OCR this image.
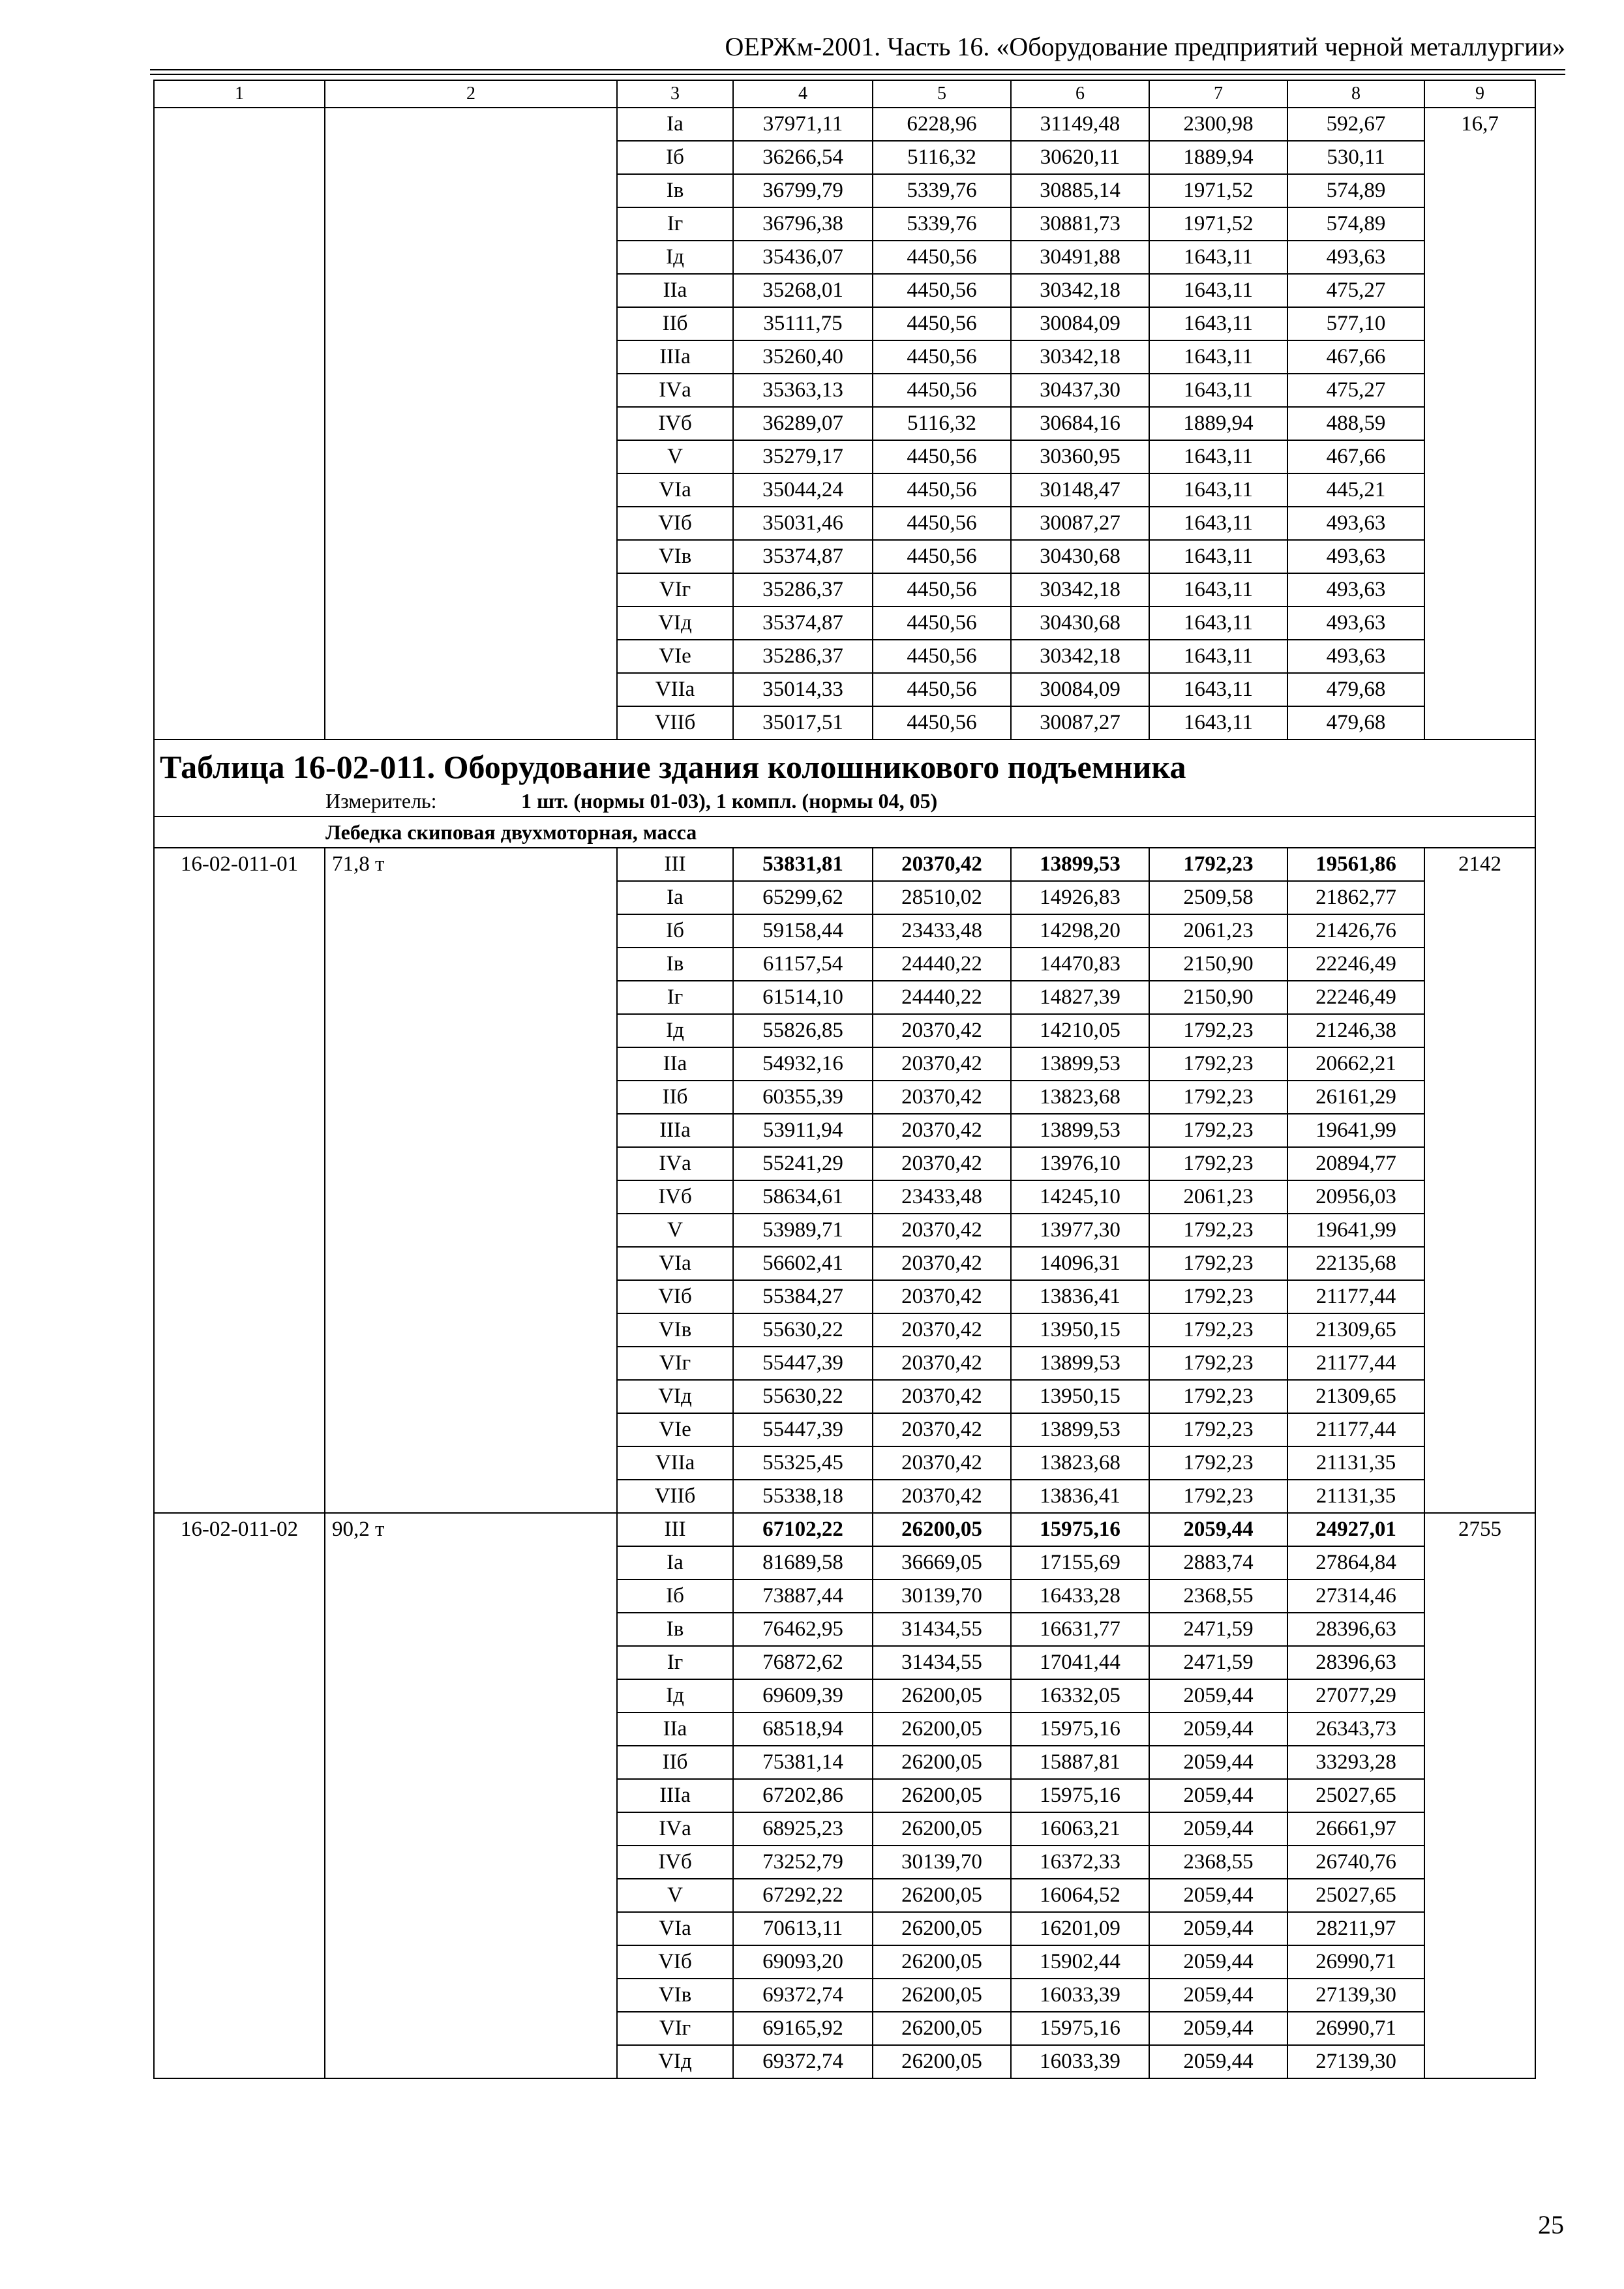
ОЕРЖм-2001. Часть 16. «Оборудование предприятий черной металлургии»
1	2	3	4	5	6	7	8	9
		Iа	37971,11	6228,96	31149,48	2300,98	592,67	16,7
		Iб	36266,54	5116,32	30620,11	1889,94	530,11	
		Iв	36799,79	5339,76	30885,14	1971,52	574,89	
		Iг	36796,38	5339,76	30881,73	1971,52	574,89	
		Iд	35436,07	4450,56	30491,88	1643,11	493,63	
		IIа	35268,01	4450,56	30342,18	1643,11	475,27	
		IIб	35111,75	4450,56	30084,09	1643,11	577,10	
		IIIа	35260,40	4450,56	30342,18	1643,11	467,66	
		IVа	35363,13	4450,56	30437,30	1643,11	475,27	
		IVб	36289,07	5116,32	30684,16	1889,94	488,59	
		V	35279,17	4450,56	30360,95	1643,11	467,66	
		VIа	35044,24	4450,56	30148,47	1643,11	445,21	
		VIб	35031,46	4450,56	30087,27	1643,11	493,63	
		VIв	35374,87	4450,56	30430,68	1643,11	493,63	
		VIг	35286,37	4450,56	30342,18	1643,11	493,63	
		VIд	35374,87	4450,56	30430,68	1643,11	493,63	
		VIе	35286,37	4450,56	30342,18	1643,11	493,63	
		VIIа	35014,33	4450,56	30084,09	1643,11	479,68	
		VIIб	35017,51	4450,56	30087,27	1643,11	479,68	
Таблица 16-02-011. Оборудование здания колошникового подъемника								
Измеритель: 1 шт. (нормы 01-03), 1 компл. (нормы 04, 05)								
Лебедка скиповая двухмоторная, масса								
16-02-011-01	71,8 т	III	53831,81	20370,42	13899,53	1792,23	19561,86	2142
		Iа	65299,62	28510,02	14926,83	2509,58	21862,77	
		Iб	59158,44	23433,48	14298,20	2061,23	21426,76	
		Iв	61157,54	24440,22	14470,83	2150,90	22246,49	
		Iг	61514,10	24440,22	14827,39	2150,90	22246,49	
		Iд	55826,85	20370,42	14210,05	1792,23	21246,38	
		IIа	54932,16	20370,42	13899,53	1792,23	20662,21	
		IIб	60355,39	20370,42	13823,68	1792,23	26161,29	
		IIIа	53911,94	20370,42	13899,53	1792,23	19641,99	
		IVа	55241,29	20370,42	13976,10	1792,23	20894,77	
		IVб	58634,61	23433,48	14245,10	2061,23	20956,03	
		V	53989,71	20370,42	13977,30	1792,23	19641,99	
		VIа	56602,41	20370,42	14096,31	1792,23	22135,68	
		VIб	55384,27	20370,42	13836,41	1792,23	21177,44	
		VIв	55630,22	20370,42	13950,15	1792,23	21309,65	
		VIг	55447,39	20370,42	13899,53	1792,23	21177,44	
		VIд	55630,22	20370,42	13950,15	1792,23	21309,65	
		VIе	55447,39	20370,42	13899,53	1792,23	21177,44	
		VIIа	55325,45	20370,42	13823,68	1792,23	21131,35	
		VIIб	55338,18	20370,42	13836,41	1792,23	21131,35	
16-02-011-02	90,2 т	III	67102,22	26200,05	15975,16	2059,44	24927,01	2755
		Iа	81689,58	36669,05	17155,69	2883,74	27864,84	
		Iб	73887,44	30139,70	16433,28	2368,55	27314,46	
		Iв	76462,95	31434,55	16631,77	2471,59	28396,63	
		Iг	76872,62	31434,55	17041,44	2471,59	28396,63	
		Iд	69609,39	26200,05	16332,05	2059,44	27077,29	
		IIа	68518,94	26200,05	15975,16	2059,44	26343,73	
		IIб	75381,14	26200,05	15887,81	2059,44	33293,28	
		IIIа	67202,86	26200,05	15975,16	2059,44	25027,65	
		IVа	68925,23	26200,05	16063,21	2059,44	26661,97	
		IVб	73252,79	30139,70	16372,33	2368,55	26740,76	
		V	67292,22	26200,05	16064,52	2059,44	25027,65	
		VIа	70613,11	26200,05	16201,09	2059,44	28211,97	
		VIб	69093,20	26200,05	15902,44	2059,44	26990,71	
		VIв	69372,74	26200,05	16033,39	2059,44	27139,30	
		VIг	69165,92	26200,05	15975,16	2059,44	26990,71	
		VIд	69372,74	26200,05	16033,39	2059,44	27139,30	
25
